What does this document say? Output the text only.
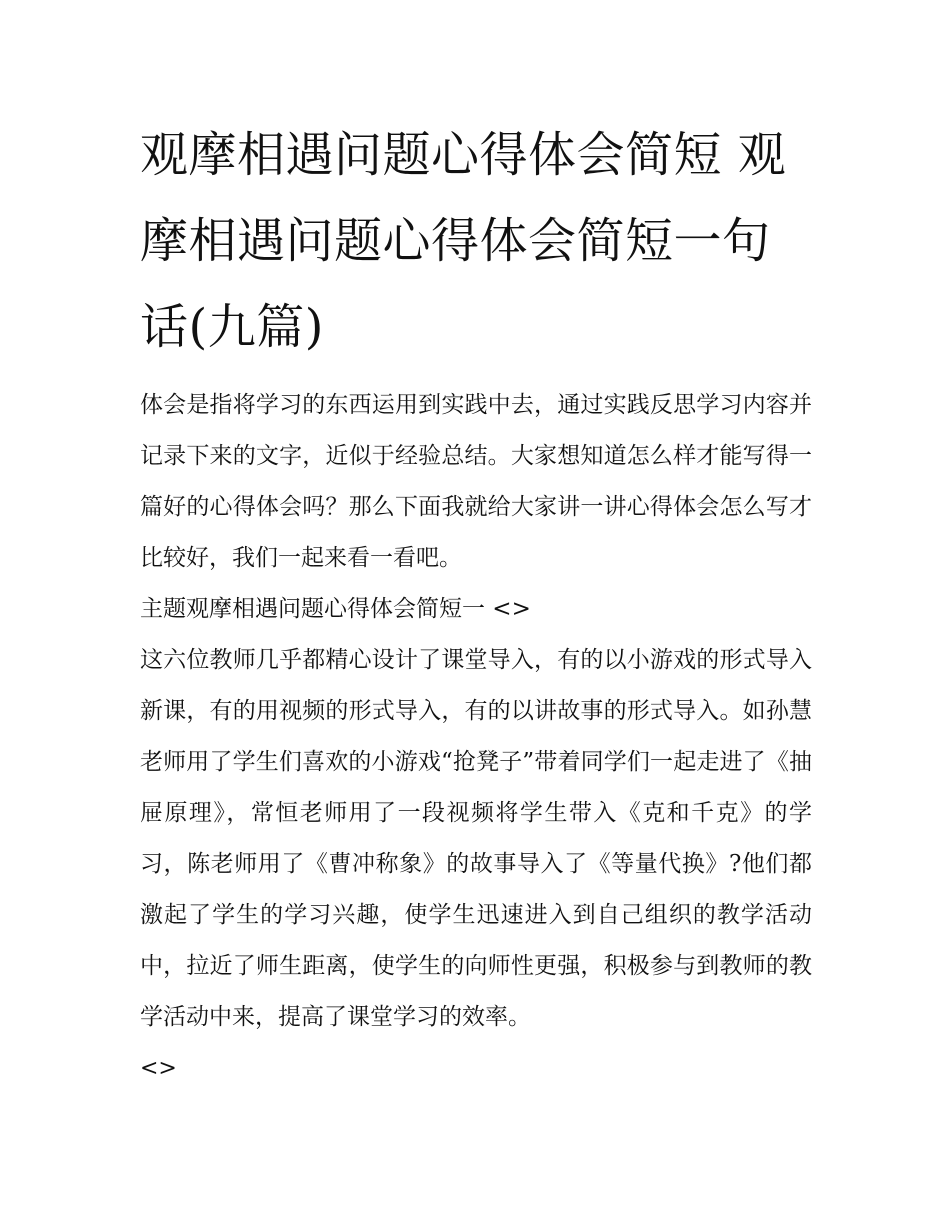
观摩相遇问题心得体会简短 观摩相遇问题心得体会简短一句话(九篇)

体会是指将学习的东西运用到实践中去，通过实践反思学习内容并记录下来的文字，近似于经验总结。大家想知道怎么样才能写得一篇好的心得体会吗？那么下面我就给大家讲一讲心得体会怎么写才比较好，我们一起来看一看吧。

主题观摩相遇问题心得体会简短一 <>

这六位教师几乎都精心设计了课堂导入，有的以小游戏的形式导入新课，有的用视频的形式导入，有的以讲故事的形式导入。如孙慧老师用了学生们喜欢的小游戏“抢凳子”带着同学们一起走进了《抽屉原理》，常恒老师用了一段视频将学生带入《克和千克》的学习，陈老师用了《曹冲称象》的故事导入了《等量代换》?他们都激起了学生的学习兴趣，使学生迅速进入到自己组织的教学活动中，拉近了师生距离，使学生的向师性更强，积极参与到教师的教学活动中来，提高了课堂学习的效率。

<>
